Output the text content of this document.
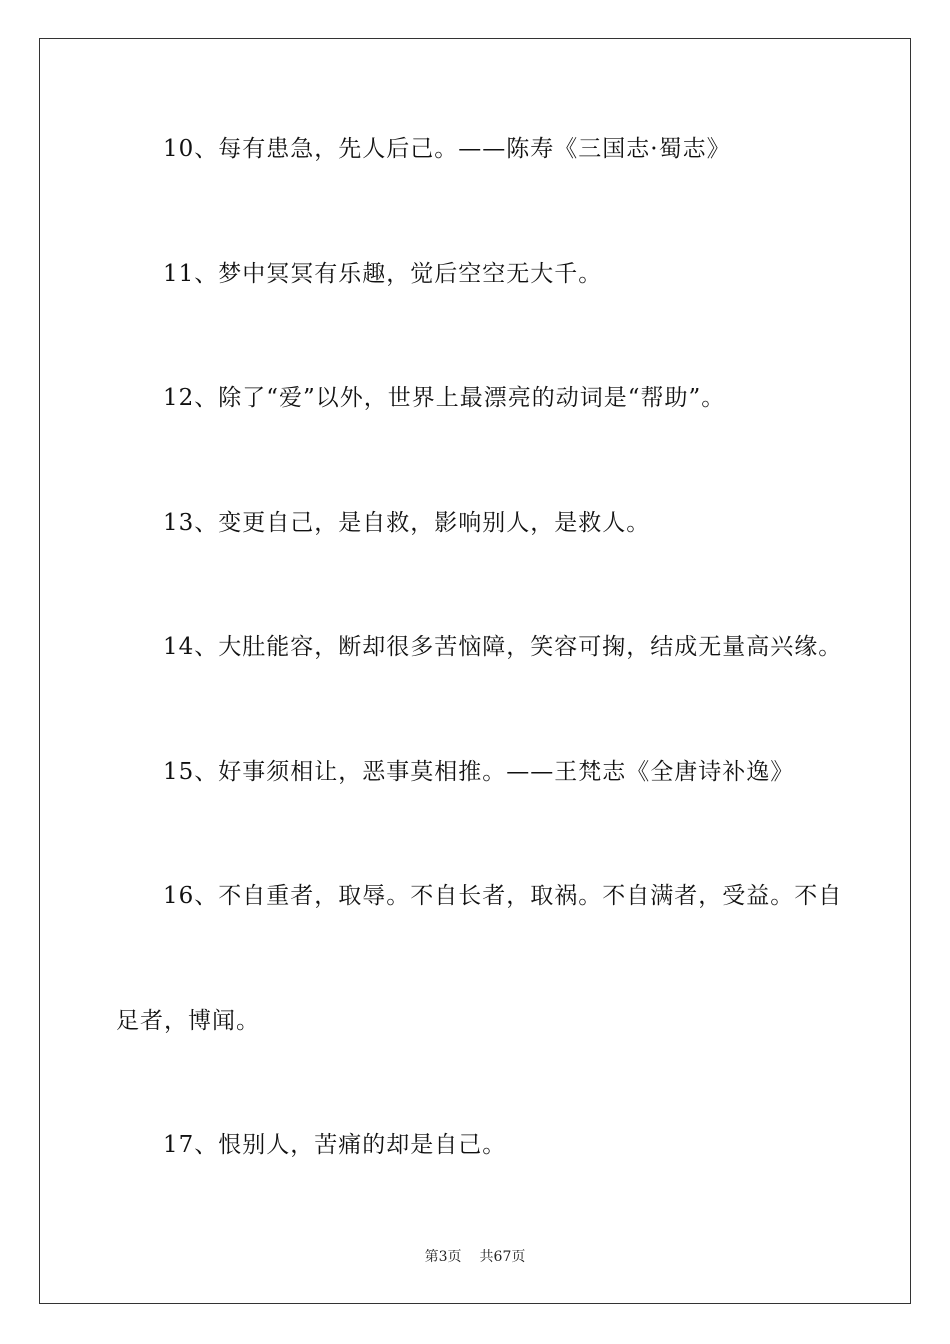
10、每有患急，先人后己。——陈寿《三国志·蜀志》
11、梦中冥冥有乐趣，觉后空空无大千。
12、除了“爱”以外，世界上最漂亮的动词是“帮助”。
13、变更自己，是自救，影响别人，是救人。
14、大肚能容，断却很多苦恼障，笑容可掬，结成无量高兴缘。
15、好事须相让，恶事莫相推。——王梵志《全唐诗补逸》
16、不自重者，取辱。不自长者，取祸。不自满者，受益。不自
足者，博闻。
17、恨别人，苦痛的却是自己。
第3页 共67页
